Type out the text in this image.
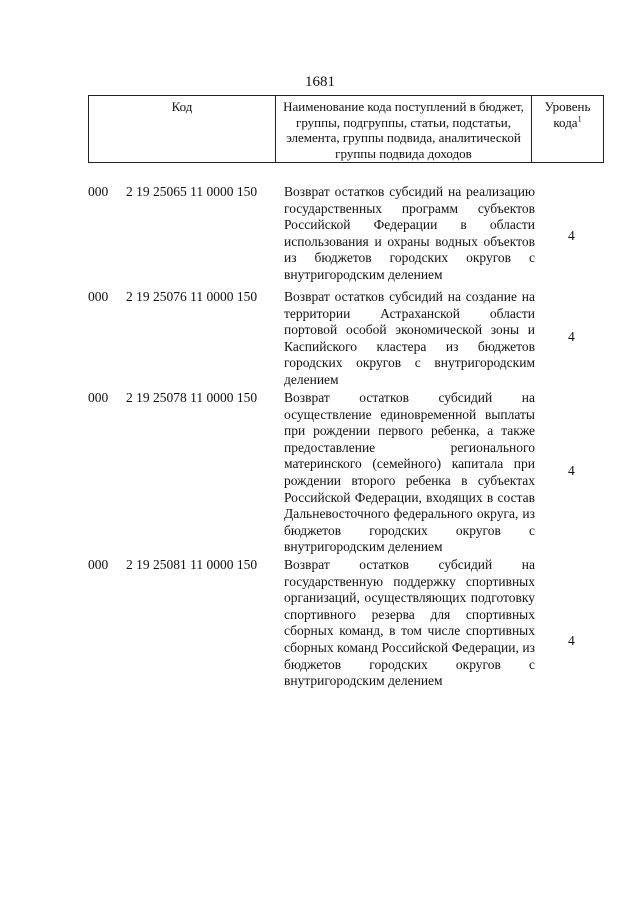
1681
Код	Наименование кода поступлений в бюджет, группы, подгруппы, статьи, подстатьи, элемента, группы подвида, аналитической группы подвида доходов
Уровень кода$^1$
000 2 19 25065 11 0000 150 Возврат остатков субсидий на реализацию государственных программ субъектов Российской Федерации в области использования и охраны водных объектов из бюджетов городских округов с внутригородским делением
4
000 2 19 25076 11 0000 150 Возврат остатков субсидий на создание на территории Астраханской области портовой особой экономической зоны и Каспийского кластера из бюджетов городских округов с внутригородским делением
4
000 2 19 25078 11 0000 150 Возврат остатков субсидий на осуществление единовременной выплаты при рождении первого ребенка, а также предоставление регионального материнского (семейного) капитала при рождении второго ребенка в субъектах Российской Федерации, входящих в состав Дальневосточного федерального округа, из бюджетов городских округов с внутригородским делением
4
000 2 19 25081 11 0000 150 Возврат остатков субсидий на государственную поддержку спортивных организаций, осуществляющих подготовку спортивного резерва для спортивных сборных команд, в том числе спортивных сборных команд Российской Федерации, из бюджетов городских округов с внутригородским делением
4
